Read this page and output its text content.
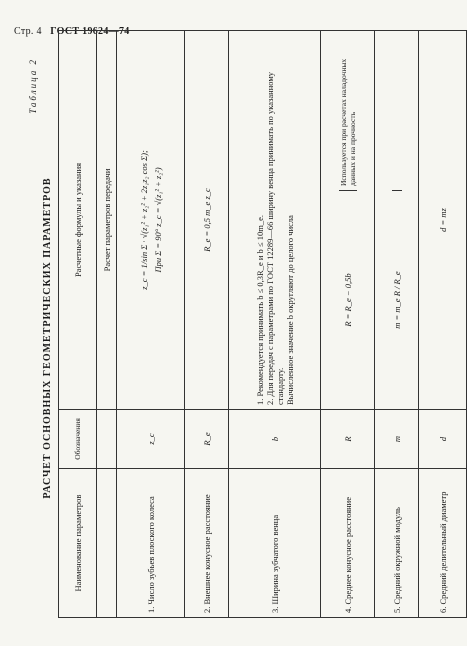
Стр. 4 ГОСТ 19624—74
Таблица 2
РАСЧЕТ ОСНОВНЫХ ГЕОМЕТРИЧЕСКИХ ПАРАМЕТРОВ
Наименование параметров	Обозначения	Расчетные формулы и указания
		Расчет параметров передачи
1. Число зубьев плоского колеса	z_c	z_c = 1/sin Σ · √(z₁² + z₂² + 2z₁z₂ cos Σ); При Σ = 90° z_c = √(z₁² + z₂²)

2. Внешнее конусное расстояние	R_e	R_e = 0,5 m_e z_c
3. Ширина зубчатого венца	b	1. Рекомендуется принимать b ≤ 0,3R_e и b ≤ 10m_e. 2. Для передач с параметрами по ГОСТ 12289—66 ширину венца принимать по указанному стандарту. Вычисленное значение b округляют до целого числа

4. Среднее конусное расстояние	R	R = R_e − 0,5b
Используется при расчетах наладочных данных и на прочность

5. Средний окружной модуль	m	m = m_e R / R_e

6. Средний делительный диаметр	d	d = mz
